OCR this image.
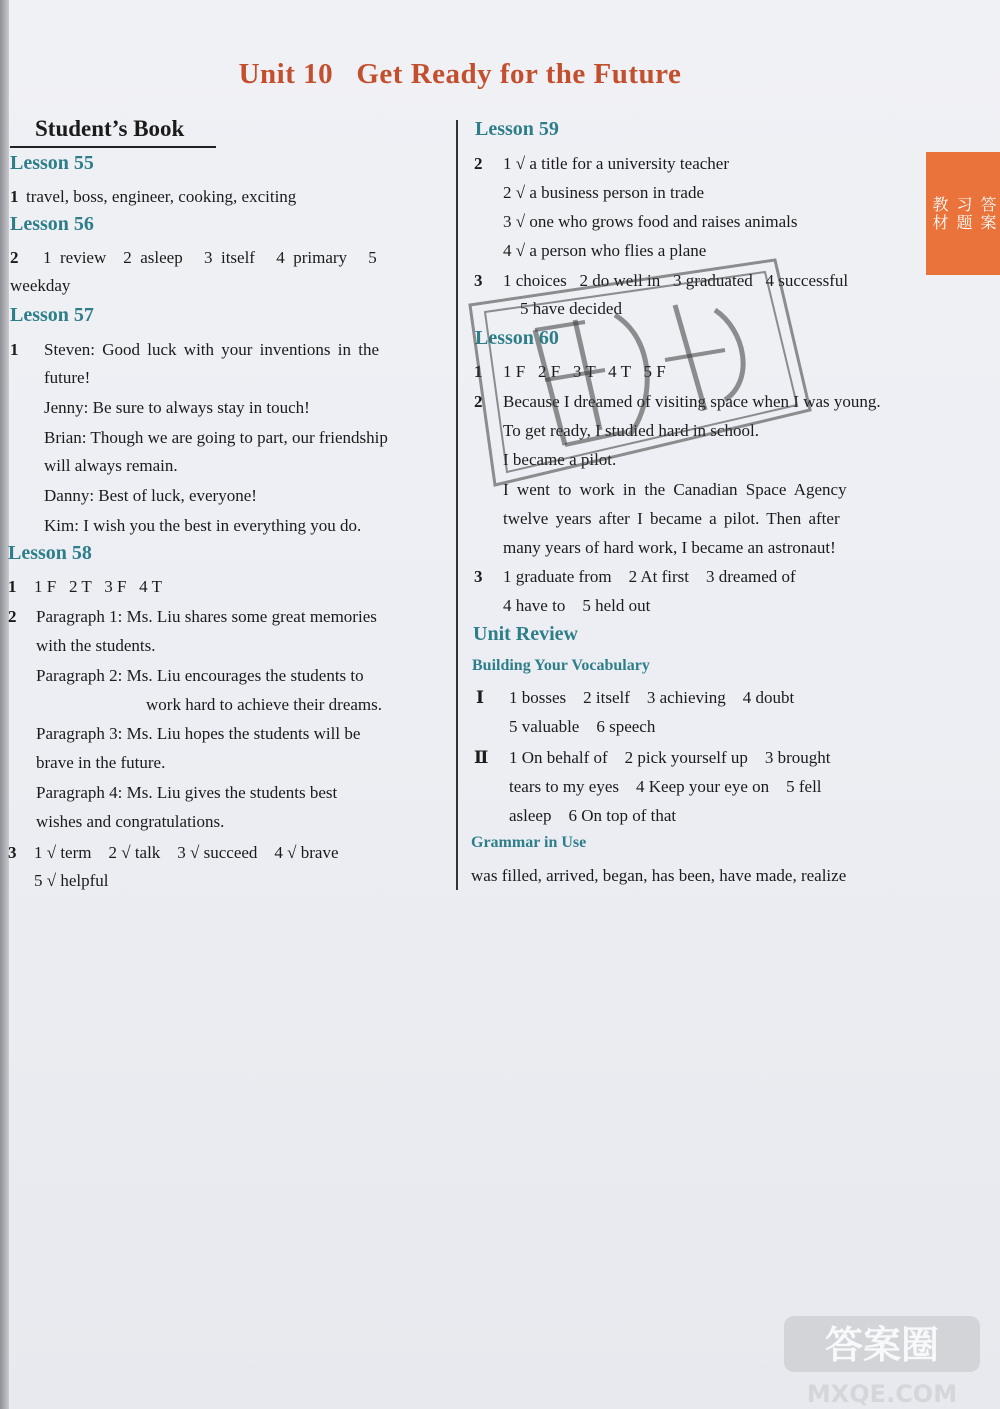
Unit 10   Get Ready for the Future
教材 习题 答案
Student’s Book
Lesson 55
1 travel, boss, engineer, cooking, exciting
Lesson 56
2 1  review    2  asleep     3  itself     4  primary     5
weekday
Lesson 57
1 Steven: Good luck with your inventions in the
future!
Jenny: Be sure to always stay in touch!
Brian: Though we are going to part, our friendship
will always remain.
Danny: Best of luck, everyone!
Kim: I wish you the best in everything you do.
Lesson 58
1 1 F   2 T   3 F   4 T
2 Paragraph 1: Ms. Liu shares some great memories
with the students.
Paragraph 2: Ms. Liu encourages the students to
work hard to achieve their dreams.
Paragraph 3: Ms. Liu hopes the students will be
brave in the future.
Paragraph 4: Ms. Liu gives the students best
wishes and congratulations.
3 1 √ term    2 √ talk    3 √ succeed    4 √ brave
5 √ helpful
Lesson 59
2 1 √ a title for a university teacher
2 √ a business person in trade
3 √ one who grows food and raises animals
4 √ a person who flies a plane
3 1 choices   2 do well in   3 graduated   4 successful
5 have decided
Lesson 60
1 1 F   2 F   3 T   4 T   5 F
2 Because I dreamed of visiting space when I was young.
To get ready, I studied hard in school.
I became a pilot.
I went to work in the Canadian Space Agency
twelve years after I became a pilot. Then after
many years of hard work, I became an astronaut!
3 1 graduate from    2 At first    3 dreamed of
4 have to    5 held out
Unit Review
Building Your Vocabulary
Ⅰ 1 bosses    2 itself    3 achieving    4 doubt
5 valuable    6 speech
Ⅱ 1 On behalf of    2 pick yourself up    3 brought
tears to my eyes    4 Keep your eye on    5 fell
asleep    6 On top of that
Grammar in Use
was filled, arrived, began, has been, have made, realize
答案圈
MXQE.COM
